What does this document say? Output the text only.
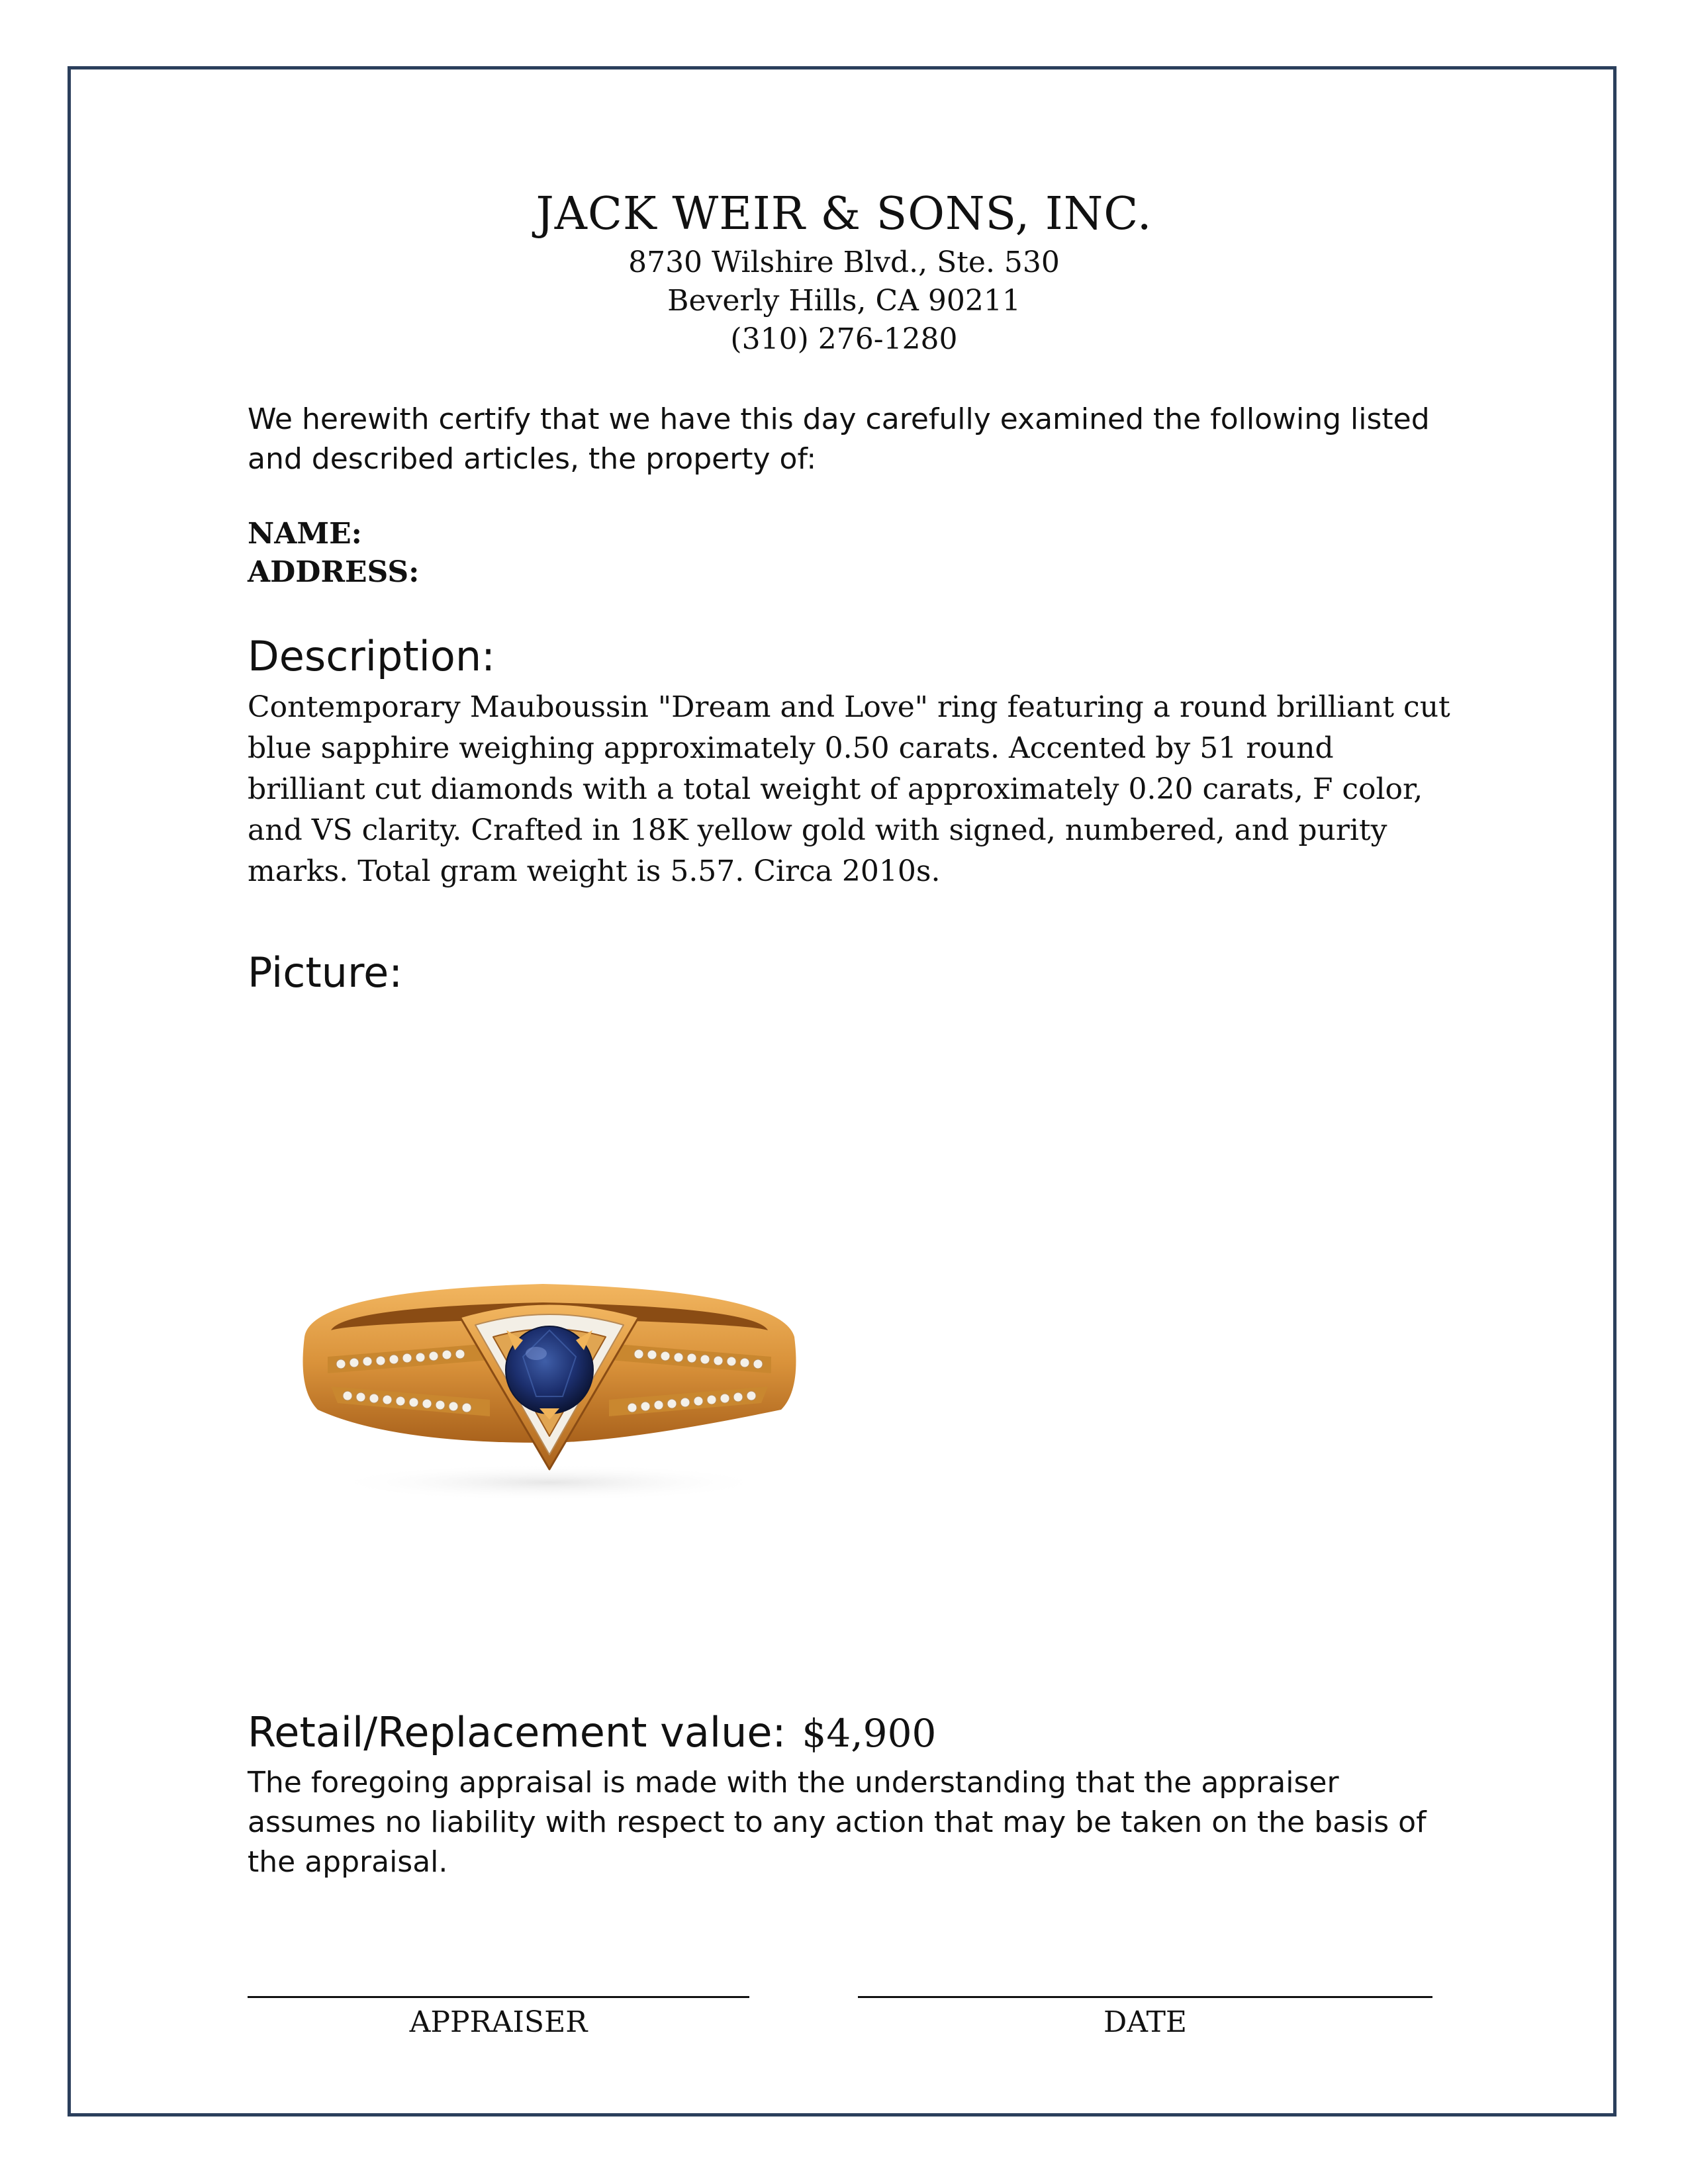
JACK WEIR & SONS, INC.
8730 Wilshire Blvd., Ste. 530
Beverly Hills, CA 90211
(310) 276-1280
We herewith certify that we have this day carefully examined the following listed and described articles, the property of:
NAME:
ADDRESS:
Description:
Contemporary Mauboussin "Dream and Love" ring featuring a round brilliant cut blue sapphire weighing approximately 0.50 carats. Accented by 51 round brilliant cut diamonds with a total weight of approximately 0.20 carats, F color, and VS clarity. Crafted in 18K yellow gold with signed, numbered, and purity marks. Total gram weight is 5.57. Circa 2010s.
Picture:
Retail/Replacement value: $4,900
The foregoing appraisal is made with the understanding that the appraiser assumes no liability with respect to any action that may be taken on the basis of the appraisal.
APPRAISER	DATE
